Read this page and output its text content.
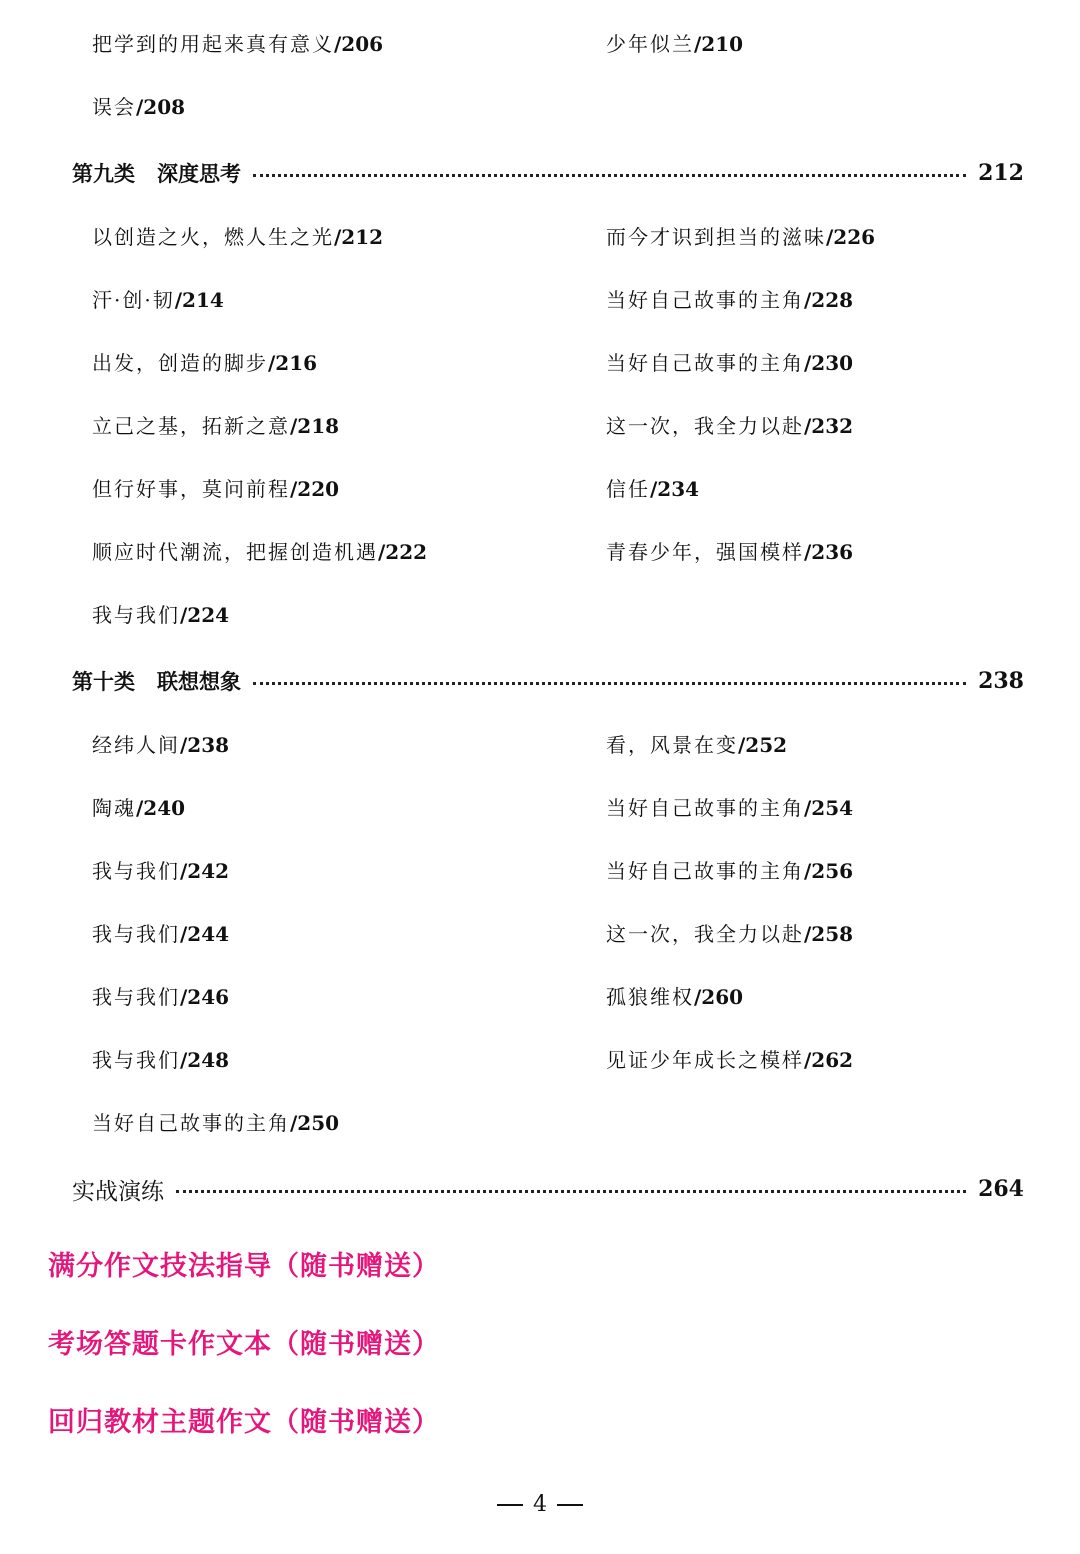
把学到的用起来真有意义/206	少年似兰/210
误会/208
第九类 深度思考	212
以创造之火，燃人生之光/212
汗·创·韧/214
出发，创造的脚步/216
立己之基，拓新之意/218
但行好事，莫问前程/220
顺应时代潮流，把握创造机遇/222
我与我们/224
而今才识到担当的滋味/226
当好自己故事的主角/228
当好自己故事的主角/230
这一次，我全力以赴/232
信任/234
青春少年，强国模样/236
第十类 联想想象	238
经纬人间/238
陶魂/240
我与我们/242
我与我们/244
我与我们/246
我与我们/248
当好自己故事的主角/250
看，风景在变/252
当好自己故事的主角/254
当好自己故事的主角/256
这一次，我全力以赴/258
孤狼维权/260
见证少年成长之模样/262
实战演练	264
满分作文技法指导（随书赠送）
考场答题卡作文本（随书赠送）
回归教材主题作文（随书赠送）
4
